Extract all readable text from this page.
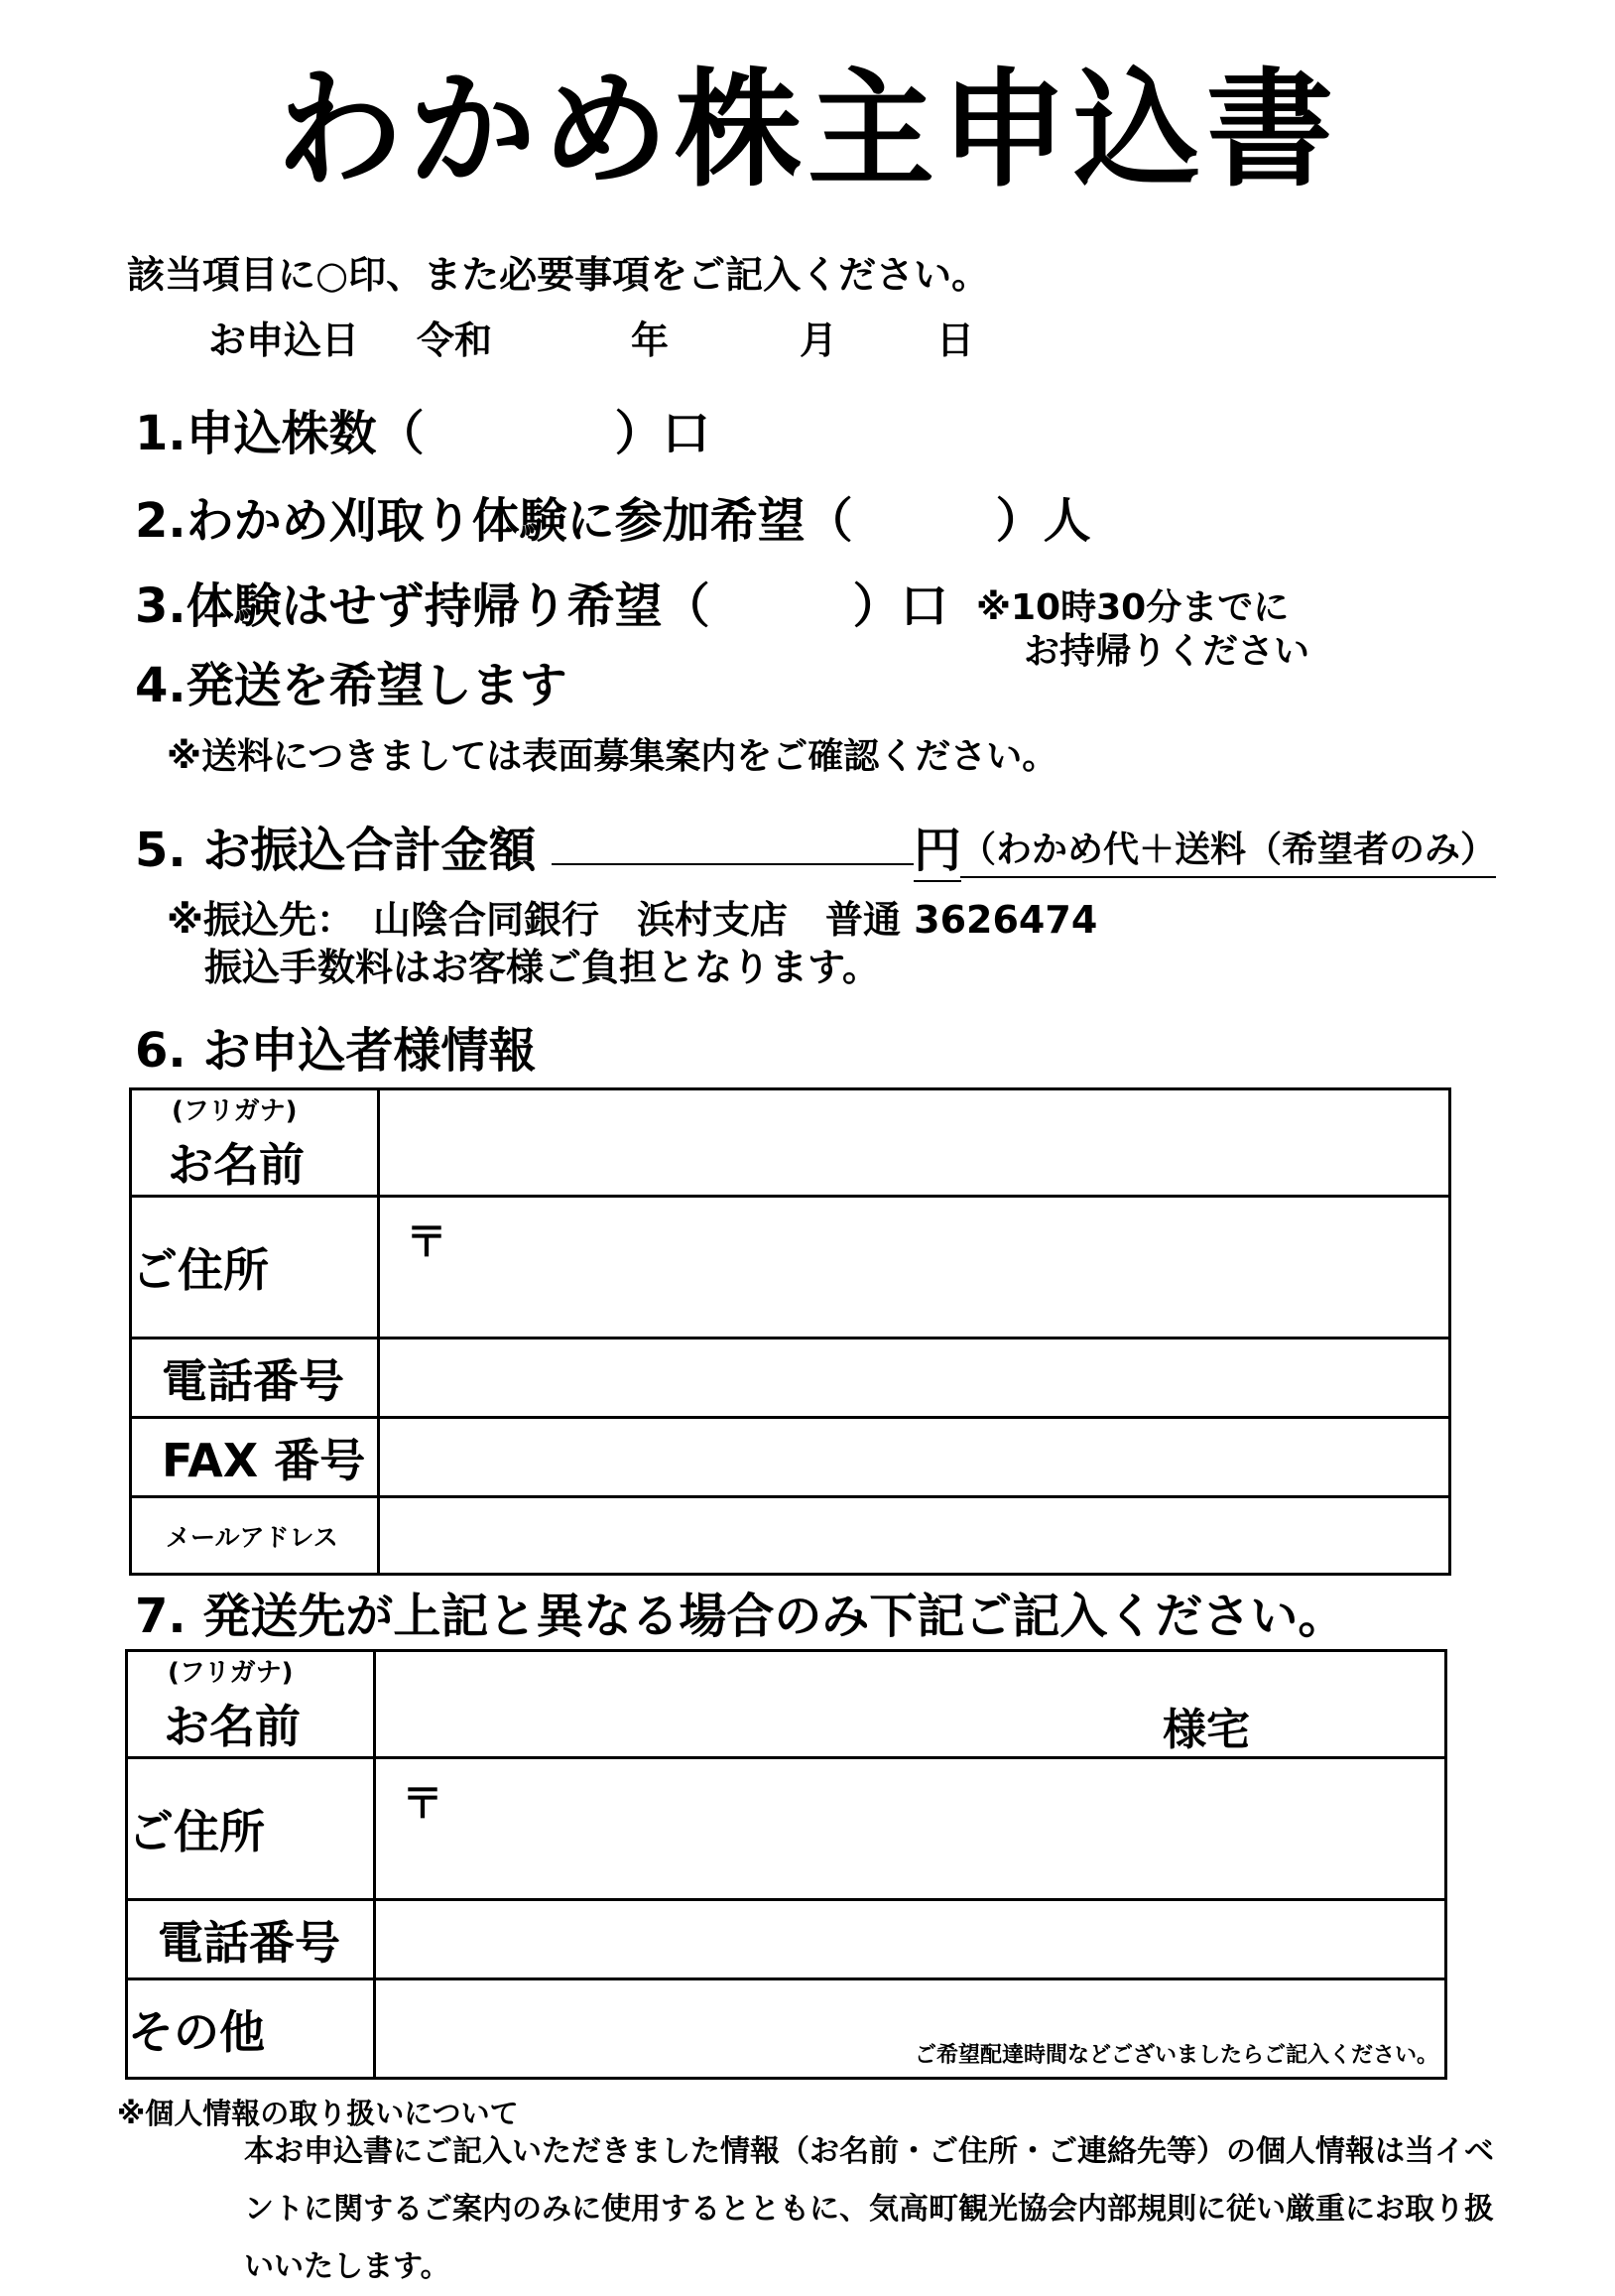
わかめ株主申込書
該当項目に○印、また必要事項をご記入ください。
お申込日 令和	年	月	日
1.申込株数（　　　　）口
2.わかめ刈取り体験に参加希望（　　　）人
3.体験はせず持帰り希望（　　　）口 ※10時30分までに
お持帰りください
4.発送を希望します
※送料につきましては表面募集案内をご確認ください。
5. お振込合計金額	円
（わかめ代＋送料（希望者のみ）
※振込先：　山陰合同銀行　浜村支店　普通 3626474
振込手数料はお客様ご負担となります。
6. お申込者様情報
(フリガナ)
お名前	
ご住所	〒

電話番号	
FAX 番号	
メールアドレス	
7. 発送先が上記と異なる場合のみ下記ご記入ください。
(フリガナ)
お名前	様宅

ご住所	〒

電話番号	
その他	ご希望配達時間などございましたらご記入ください。
※個人情報の取り扱いについて
本お申込書にご記入いただきました情報（お名前・ご住所・ご連絡先等）の個人情報は当イベントに関するご案内のみに使用するとともに、気高町観光協会内部規則に従い厳重にお取り扱いいたします。
